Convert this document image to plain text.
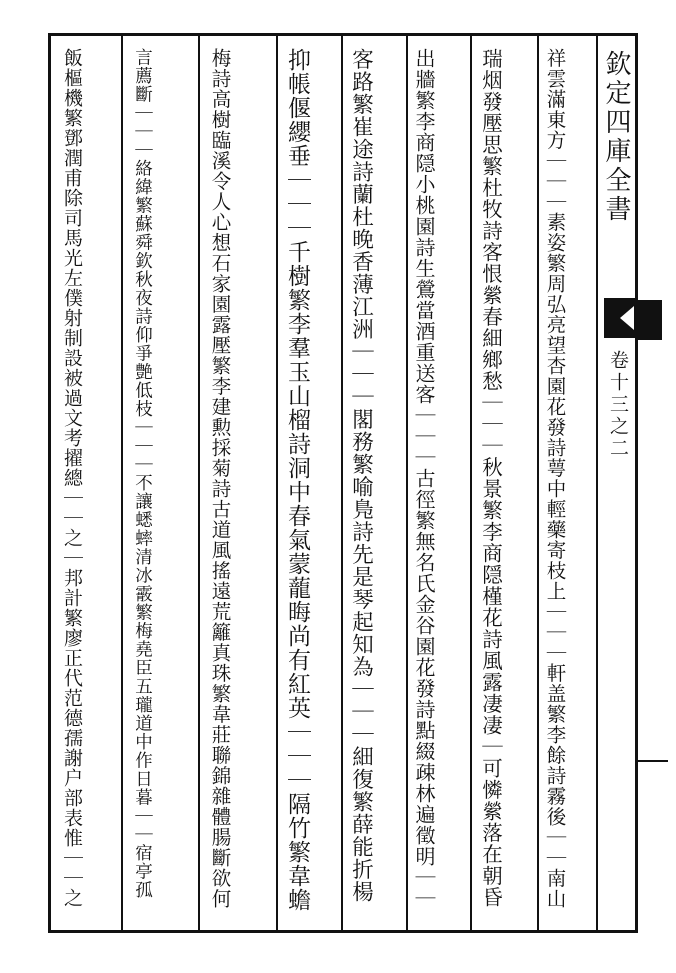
欽定四庫全書
卷十三之二
祥雲滿東方｜｜｜素姿繁周弘亮望杏園花發詩萼中輕藥寄枝上｜｜｜軒盖繁李餘詩霧後｜｜南山
瑞烟發壓思繁杜牧詩客恨縈春細鄉愁｜｜｜秋景繁李商隠槿花詩風露凄凄｜可憐縈落在朝昏
出牆繁李商隠小桃園詩生鶯當酒重送客｜｜｜古徑繁無名氏金谷園花發詩點綴疎林遍徵明｜｜
客路繁崔途詩蘭杜晚香薄江洲｜｜｜閣務繁喻鳬詩先是琴起知為｜｜｜細復繁薛能折楊
抑帳偃纓垂｜｜｜千樹繁李羣玉山榴詩洞中春氣蒙蘢晦尚有紅英｜｜｜隔竹繁韋蟾
梅詩高樹臨溪令人心想石家園露壓繁李建勲採菊詩古道風搖遠荒籬真珠繁韋莊聯錦雜體腸斷欲何
言薦斷｜｜｜絡緯繁蘇舜欽秋夜詩仰爭艶低枝｜｜｜不讓蟋蟀清冰霰繁梅堯臣五瓏道中作日暮｜｜宿亭孤
飯樞機繁鄧潤甫除司馬光左僕射制設被過文考擢總｜｜之｜邦計繁廖正代范德孺謝户部表惟｜｜之
